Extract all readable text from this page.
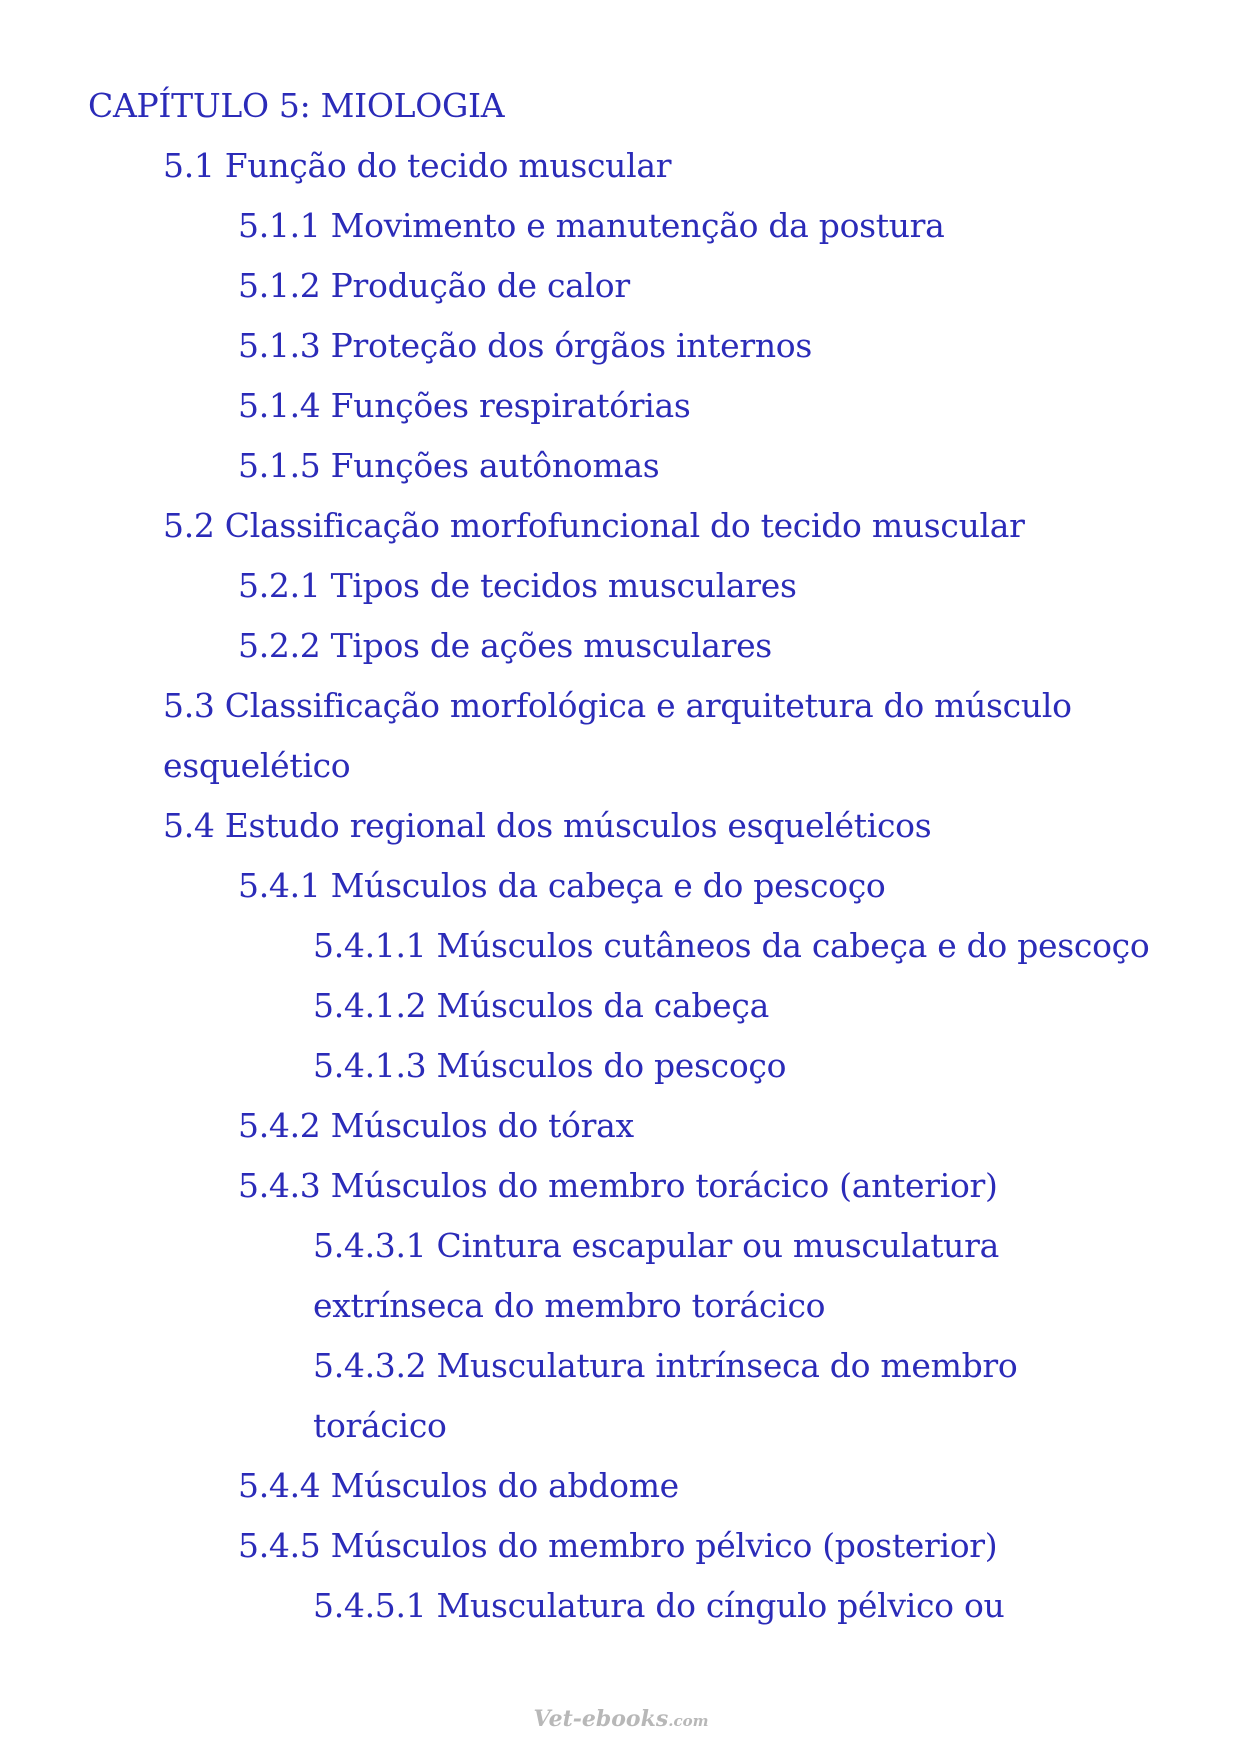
CAPÍTULO 5: MIOLOGIA
5.1 Função do tecido muscular
5.1.1 Movimento e manutenção da postura
5.1.2 Produção de calor
5.1.3 Proteção dos órgãos internos
5.1.4 Funções respiratórias
5.1.5 Funções autônomas
5.2 Classificação morfofuncional do tecido muscular
5.2.1 Tipos de tecidos musculares
5.2.2 Tipos de ações musculares
5.3 Classificação morfológica e arquitetura do músculo
esquelético
5.4 Estudo regional dos músculos esqueléticos
5.4.1 Músculos da cabeça e do pescoço
5.4.1.1 Músculos cutâneos da cabeça e do pescoço
5.4.1.2 Músculos da cabeça
5.4.1.3 Músculos do pescoço
5.4.2 Músculos do tórax
5.4.3 Músculos do membro torácico (anterior)
5.4.3.1 Cintura escapular ou musculatura
extrínseca do membro torácico
5.4.3.2 Musculatura intrínseca do membro
torácico
5.4.4 Músculos do abdome
5.4.5 Músculos do membro pélvico (posterior)
5.4.5.1 Musculatura do cíngulo pélvico ou
Vet-ebooks.com
